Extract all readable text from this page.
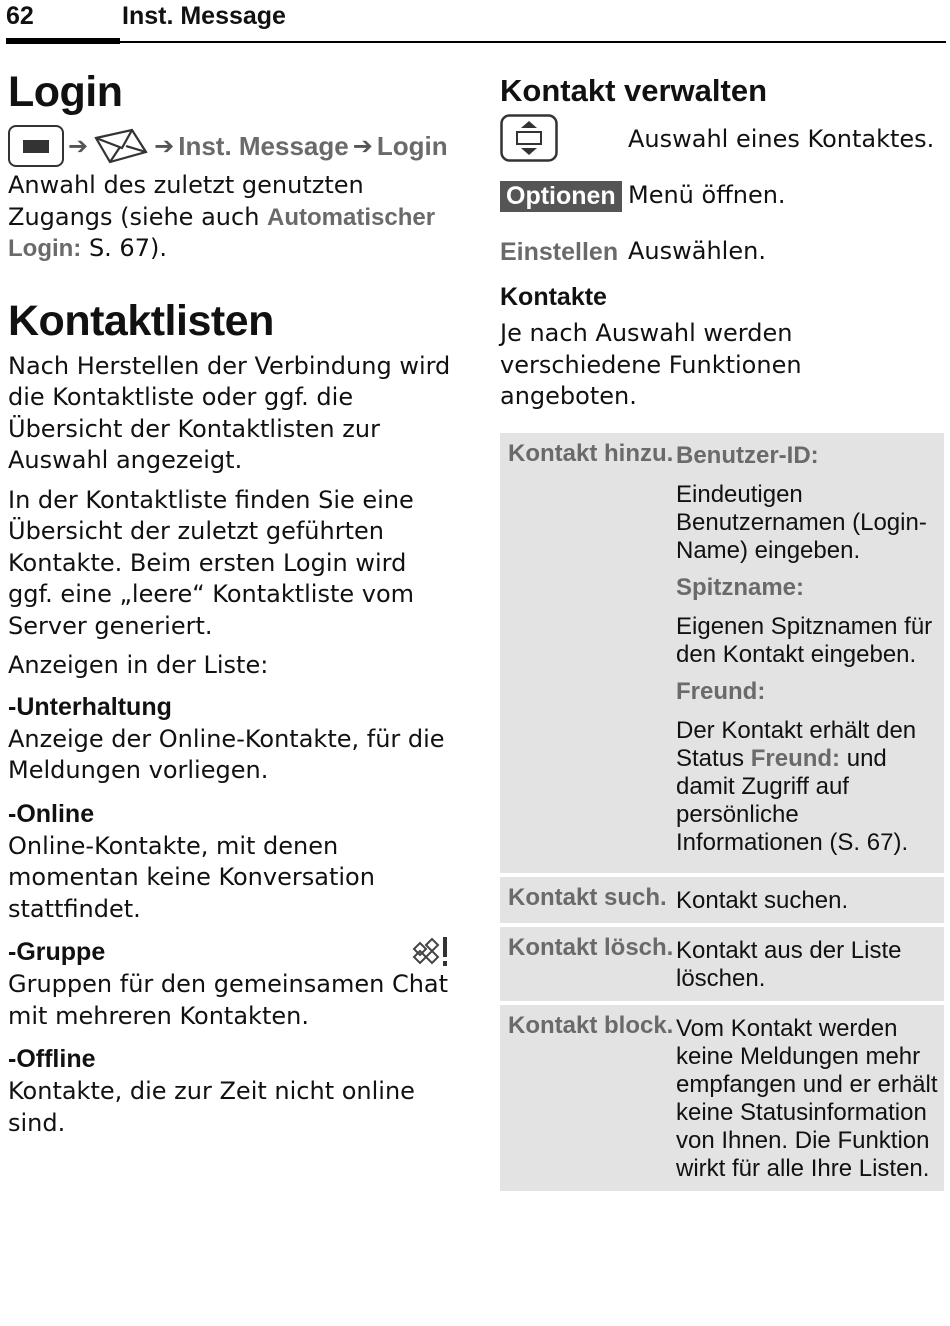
62	Inst. Message
Login
➔	➔ Inst. Message ➔ Login

Anwahl des zuletzt genutzten Zugangs (siehe auch Automatischer Login: S. 67).

Kontaktlisten

Nach Herstellen der Verbindung wird die Kontaktliste oder ggf. die Übersicht der Kontaktlisten zur Auswahl angezeigt.

In der Kontaktliste finden Sie eine Übersicht der zuletzt geführten Kontakte. Beim ersten Login wird ggf. eine „leere“ Kontaktliste vom Server generiert.

Anzeigen in der Liste:

-Unterhaltung

Anzeige der Online-Kontakte, für die Meldungen vorliegen.

-Online

Online-Kontakte, mit denen momentan keine Konversation stattfindet.

-Gruppe

Gruppen für den gemeinsamen Chat mit mehreren Kontakten.

-Offline

Kontakte, die zur Zeit nicht online sind.

Kontakt verwalten

Auswahl eines Kontaktes.

Optionen Menü öffnen.

Einstellen Auswählen.

Kontakte

Je nach Auswahl werden verschiedene Funktionen angeboten.

Kontakt hinzu. Benutzer-ID:
Eindeutigen Benutzernamen (Login-Name) eingeben.
Spitzname:
Eigenen Spitznamen für den Kontakt eingeben.
Freund:
Der Kontakt erhält den Status Freund: und damit Zugriff auf persönliche Informationen (S. 67).
Kontakt such. Kontakt suchen.
Kontakt lösch. Kontakt aus der Liste löschen.
Kontakt block. Vom Kontakt werden keine Meldungen mehr empfangen und er erhält keine Statusinformation von Ihnen. Die Funktion wirkt für alle Ihre Listen.
